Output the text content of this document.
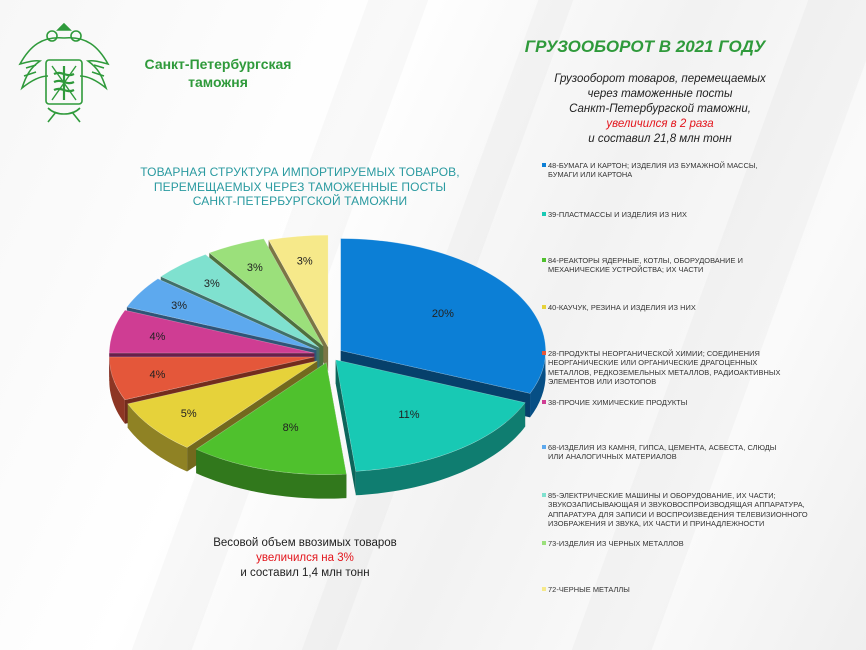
Санкт-Петербургская
таможня
ГРУЗООБОРОТ В 2021 ГОДУ
Грузооборот товаров, перемещаемых
через таможенные посты
Санкт-Петербургской таможни,
увеличился в 2 раза
и составил 21,8 млн тонн
ТОВАРНАЯ СТРУКТУРА ИМПОРТИРУЕМЫХ ТОВАРОВ,
ПЕРЕМЕЩАЕМЫХ ЧЕРЕЗ ТАМОЖЕННЫЕ ПОСТЫ
САНКТ-ПЕТЕРБУРГСКОЙ ТАМОЖНИ
20%
11%
8%
5%
4%
4%
3%
3%
3%
3%
Весовой объем ввозимых товаров
увеличился на 3%
и составил 1,4 млн тонн
48-БУМАГА И КАРТОН; ИЗДЕЛИЯ ИЗ БУМАЖНОЙ МАССЫ,
БУМАГИ ИЛИ КАРТОНА
39-ПЛАСТМАССЫ И ИЗДЕЛИЯ ИЗ НИХ
84-РЕАКТОРЫ ЯДЕРНЫЕ, КОТЛЫ, ОБОРУДОВАНИЕ И
МЕХАНИЧЕСКИЕ УСТРОЙСТВА; ИХ ЧАСТИ
40-КАУЧУК, РЕЗИНА И ИЗДЕЛИЯ ИЗ НИХ
28-ПРОДУКТЫ НЕОРГАНИЧЕСКОЙ ХИМИИ; СОЕДИНЕНИЯ
НЕОРГАНИЧЕСКИЕ ИЛИ ОРГАНИЧЕСКИЕ ДРАГОЦЕННЫХ
МЕТАЛЛОВ, РЕДКОЗЕМЕЛЬНЫХ МЕТАЛЛОВ, РАДИОАКТИВНЫХ
ЭЛЕМЕНТОВ ИЛИ ИЗОТОПОВ
38-ПРОЧИЕ ХИМИЧЕСКИЕ ПРОДУКТЫ
68-ИЗДЕЛИЯ ИЗ КАМНЯ, ГИПСА, ЦЕМЕНТА, АСБЕСТА, СЛЮДЫ
ИЛИ АНАЛОГИЧНЫХ МАТЕРИАЛОВ
85-ЭЛЕКТРИЧЕСКИЕ МАШИНЫ И ОБОРУДОВАНИЕ, ИХ ЧАСТИ;
ЗВУКОЗАПИСЫВАЮЩАЯ И ЗВУКОВОСПРОИЗВОДЯЩАЯ АППАРАТУРА,
АППАРАТУРА ДЛЯ ЗАПИСИ И ВОСПРОИЗВЕДЕНИЯ ТЕЛЕВИЗИОННОГО
ИЗОБРАЖЕНИЯ И ЗВУКА, ИХ ЧАСТИ И ПРИНАДЛЕЖНОСТИ
73-ИЗДЕЛИЯ ИЗ ЧЕРНЫХ МЕТАЛЛОВ
72-ЧЕРНЫЕ МЕТАЛЛЫ
